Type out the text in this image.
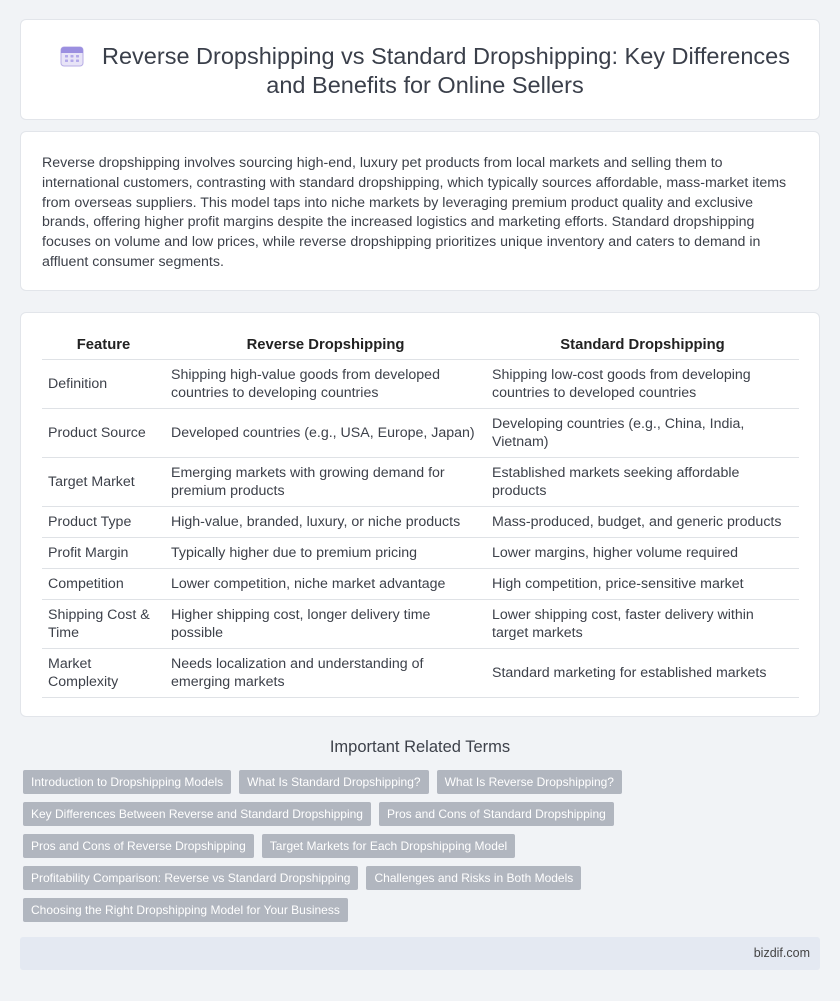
Reverse Dropshipping vs Standard Dropshipping: Key Differences and Benefits for Online Sellers

Reverse dropshipping involves sourcing high-end, luxury pet products from local markets and selling them to international customers, contrasting with standard dropshipping, which typically sources affordable, mass-market items from overseas suppliers. This model taps into niche markets by leveraging premium product quality and exclusive brands, offering higher profit margins despite the increased logistics and marketing efforts. Standard dropshipping focuses on volume and low prices, while reverse dropshipping prioritizes unique inventory and caters to demand in affluent consumer segments.

Feature	Reverse Dropshipping	Standard Dropshipping
Definition	Shipping high-value goods from developed countries to developing countries	Shipping low-cost goods from developing countries to developed countries
Product Source	Developed countries (e.g., USA, Europe, Japan)	Developing countries (e.g., China, India, Vietnam)
Target Market	Emerging markets with growing demand for premium products	Established markets seeking affordable products
Product Type	High-value, branded, luxury, or niche products	Mass-produced, budget, and generic products
Profit Margin	Typically higher due to premium pricing	Lower margins, higher volume required
Competition	Lower competition, niche market advantage	High competition, price-sensitive market
Shipping Cost & Time	Higher shipping cost, longer delivery time possible	Lower shipping cost, faster delivery within target markets
Market Complexity	Needs localization and understanding of emerging markets	Standard marketing for established markets
Important Related Terms
Introduction to Dropshipping Models	What Is Standard Dropshipping?	What Is Reverse Dropshipping?
Key Differences Between Reverse and Standard Dropshipping	Pros and Cons of Standard Dropshipping
Pros and Cons of Reverse Dropshipping	Target Markets for Each Dropshipping Model
Profitability Comparison: Reverse vs Standard Dropshipping	Challenges and Risks in Both Models
Choosing the Right Dropshipping Model for Your Business
bizdif.com
